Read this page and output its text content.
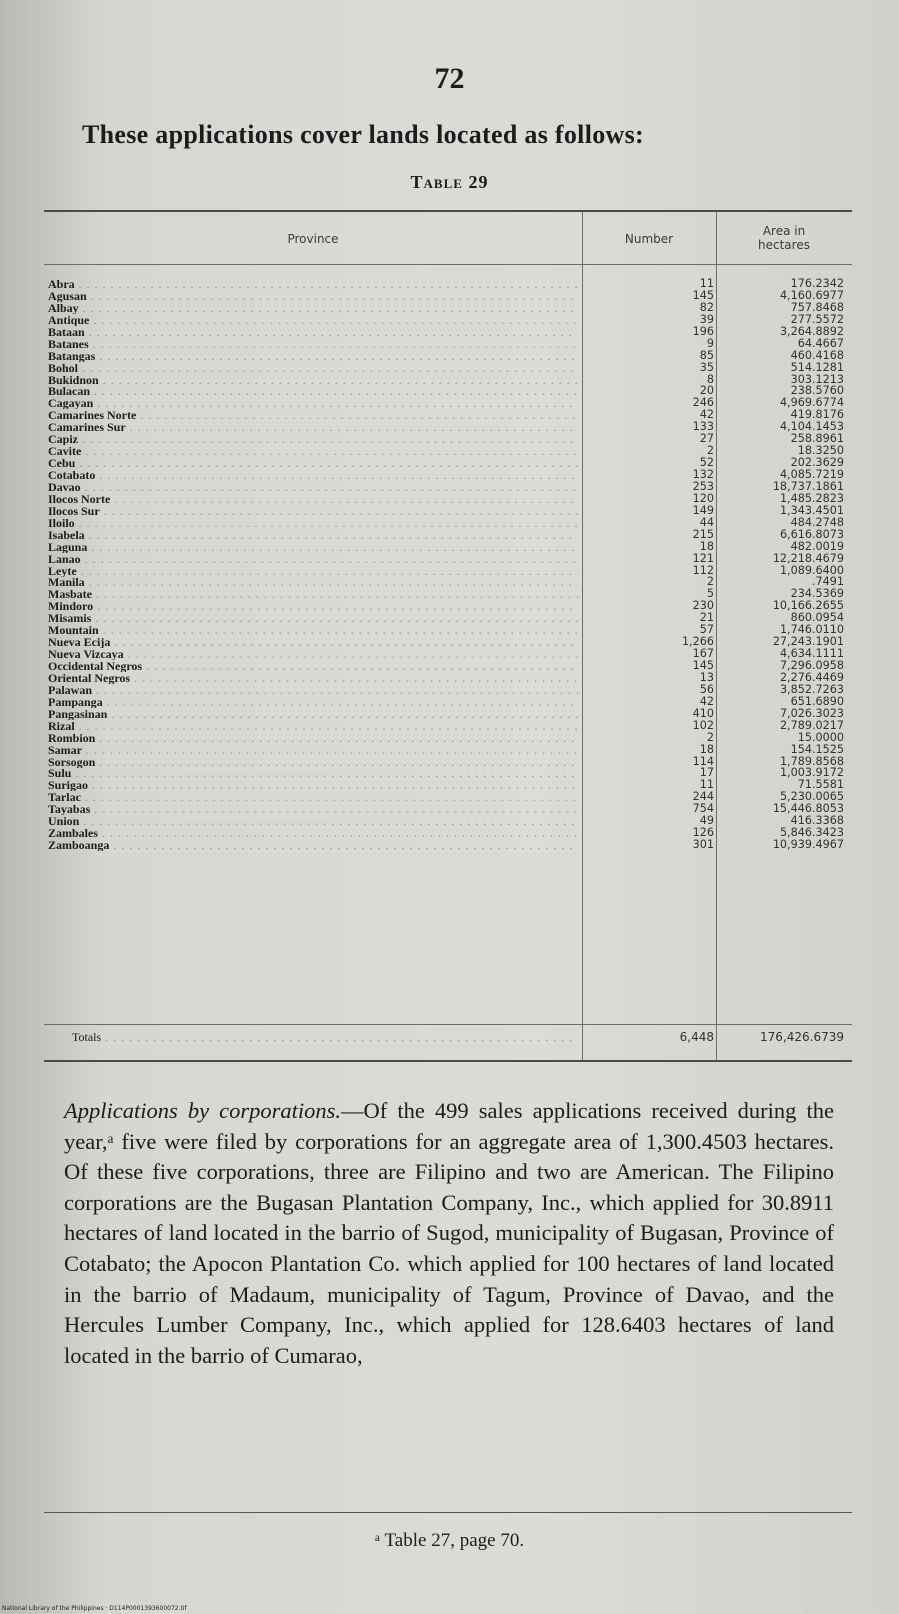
72
These applications cover lands located as follows:
Table 29
Province	Number
Area in
hectares
Abra . . .	11	176.2342
Agusan . . .	145	4,160.6977
Albay . . .	82	757.8468
Antique . . .	39	277.5572
Bataan . . .	196	3,264.8892
Batanes . . .	9	64.4667
Batangas . . .	85	460.4168
Bohol . . .	35	514.1281
Bukidnon . . .	8	303.1213
Bulacan . . .	20	238.5760
Cagayan . . .	246	4,969.6774
Camarines Norte . . .	42	419.8176
Camarines Sur . . .	133	4,104.1453
Capiz . . .	27	258.8961
Cavite . . .	2	18.3250
Cebu . . .	52	202.3629
Cotabato . . .	132	4,085.7219
Davao . . .	253	18,737.1861
Ilocos Norte . . .	120	1,485.2823
Ilocos Sur . . .	149	1,343.4501
Iloilo . . .	44	484.2748
Isabela . . .	215	6,616.8073
Laguna . . .	18	482.0019
Lanao . . .	121	12,218.4679
Leyte . . .	112	1,089.6400
Manila . . .	2	.7491
Masbate . . .	5	234.5369
Mindoro . . .	230	10,166.2655
Misamis . . .	21	860.0954
Mountain . . .	57	1,746.0110
Nueva Ecija . . .	1,266	27,243.1901
Nueva Vizcaya . . .	167	4,634.1111
Occidental Negros . . .	145	7,296.0958
Oriental Negros . . .	13	2,276.4469
Palawan . . .	56	3,852.7263
Pampanga . . .	42	651.6890
Pangasinan . . .	410	7,026.3023
Rizal . . .	102	2,789.0217
Rombion . . .	2	15.0000
Samar . . .	18	154.1525
Sorsogon . . .	114	1,789.8568
Sulu . . .	17	1,003.9172
Surigao . . .	11	71.5581
Tarlac . . .	244	5,230.0065
Tayabas . . .	754	15,446.8053
Union . . .	49	416.3368
Zambales . . .	126	5,846.3423
Zamboanga . . .	301	10,939.4967
Totals . . .	6,448	176,426.6739
Applications by corporations.—Of the 499 sales applications received during the year,ᵃ five were filed by corporations for an aggregate area of 1,300.4503 hectares. Of these five corporations, three are Filipino and two are American. The Filipino corporations are the Bugasan Plantation Company, Inc., which applied for 30.8911 hectares of land located in the barrio of Sugod, municipality of Bugasan, Province of Cotabato; the Apocon Plantation Co. which applied for 100 hectares of land located in the barrio of Madaum, municipality of Tagum, Province of Davao, and the Hercules Lumber Company, Inc., which applied for 128.6403 hectares of land located in the barrio of Cumarao,
ᵃ Table 27, page 70.
National Library of the Philippines · D114P0001393600072.tif
